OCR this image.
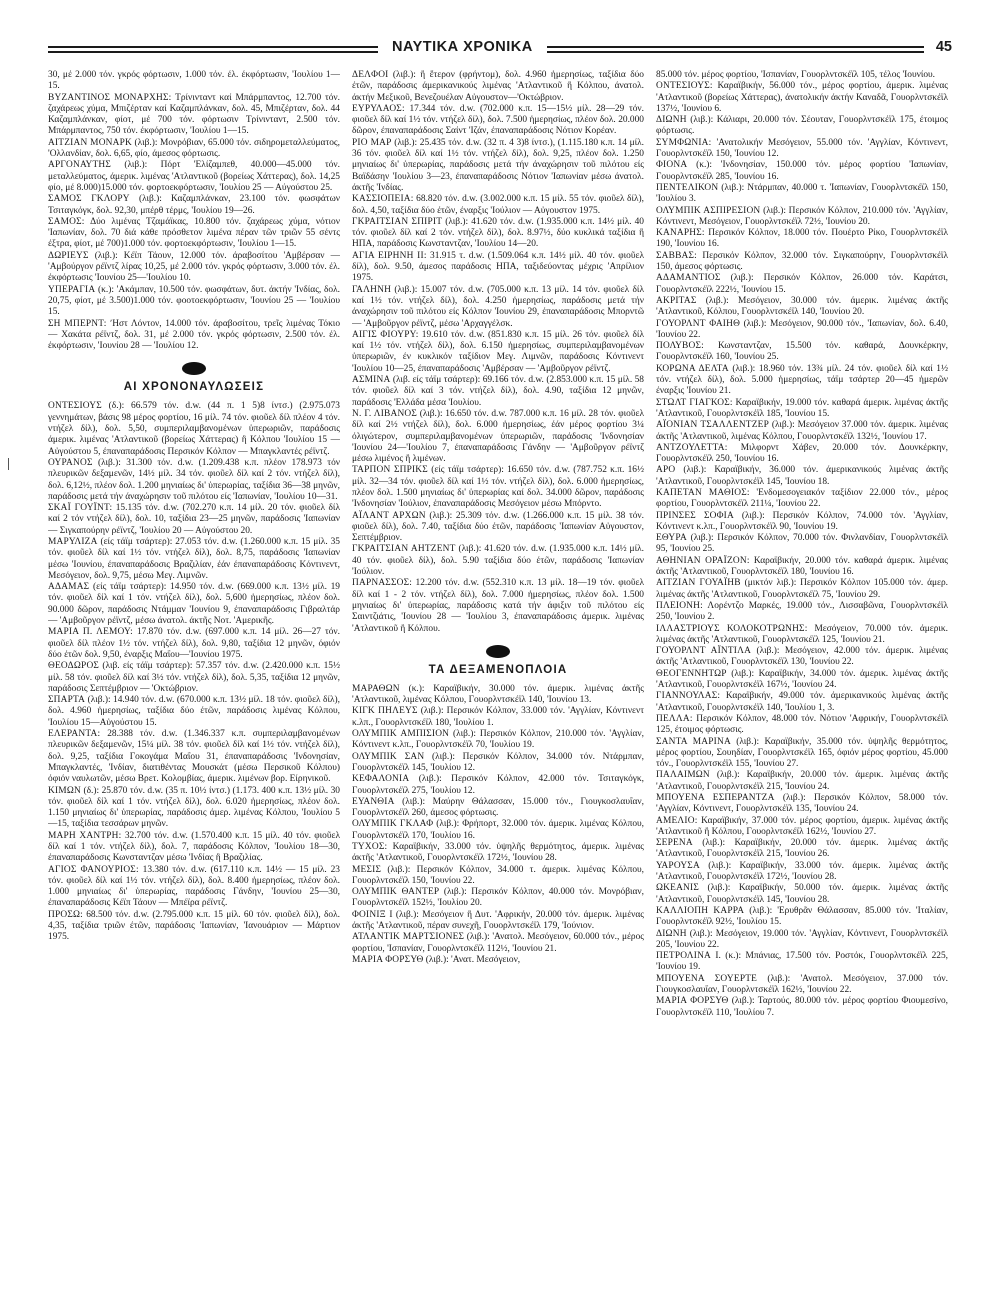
ΝΑΥΤΙΚΑ ΧΡΟΝΙΚΑ	45

30, μέ 2.000 τόν. γκρός φόρτωσιν, 1.000 τόν. έλ. έκφόρτωσιν, 'Ιουλίου 1—15.

ΒΥΖΑΝΤΙΝΟΣ ΜΟΝΑΡΧΗΣ: Τρίνινταντ καί Μπάρμπαντος, 12.700 τόν. ζαχάρεως χύμα, Μπιζέρταν καί Καζαμπλάνκαν, δολ. 45, Μπιζέρταν, δολ. 44 Καζαμπλάνκαν, φίοτ, μέ 700 τόν. φόρτωσιν Τρίνινταντ, 2.500 τόν. Μπάρμπαντος, 750 τόν. έκφόρτωσιν, 'Ιουλίου 1—15.

ΑΙΤΖΙΑΝ ΜΟΝΑΡΚ (λιβ.): Μονρόβιαν, 65.000 τόν. σιδηρομεταλλεύματος, 'Ολλανδίαν, δολ. 6,65, φίο, άμεσος φόρτωσις.

ΑΡΓΟΝΑΥΤΗΣ (λιβ.): Πόρτ 'Ελίζαμπεθ, 40.000—45.000 τόν. μεταλλεύματος, άμερικ. λιμένας 'Ατλαντικοῦ (βορείως Χάττερας), δολ. 14,25 φίο, μέ 8.000)15.000 τόν. φορτοεκφόρτωσιν, 'Ιουλίου 25 — Αύγούστου 25.

ΣΑΜΟΣ ΓΚΛΟΡΥ (λιβ.): Καζαμπλάνκαν, 23.100 τόν. φωσφάτων Τσιταγκόγκ, δολ. 92,30, μπέρθ τέρμς, 'Ιουλίου 19—26.

ΣΑΜΟΣ: Δύο λιμένας Τζαμάϊκας, 10.800 τόν. ζαχάρεως χύμα, νότιον 'Ιαπωνίαν, δολ. 70 διά κάθε πρόσθετον λιμένα πέραν τῶν τριῶν 55 σέντς έξτρα, φίοτ, μέ 700)1.000 τόν. φορτοεκφόρτωσιν, 'Ιουλίου 1—15.

ΔΩΡΙΕΥΣ (λιβ.): Κέϊπ Τάουν, 12.000 τόν. άραβοσίτου 'Αμβέρσαν — 'Αμβούργον ρέϊντζ λίρας 10,25, μέ 2.000 τόν. γκρός φόρτωσιν, 3.000 τόν. έλ. έκφόρτωσις 'Ιουνίου 25—'Ιουλίου 10.

ΥΠΕΡΑΓΙΑ (κ.): 'Ακάμπαν, 10.500 τόν. φωσφάτων, δυτ. άκτήν 'Ινδίας, δολ. 20,75, φίοτ, μέ 3.500)1.000 τόν. φοοτοεκφόρτωσιν, 'Ιουνίου 25 — 'Ιουλίου 15.

ΣΗ ΜΠΕΡΝΤ: ʹΗστ Λόντον, 14.000 τόν. άραβοσίτου, τρεῖς λιμένας Τόκιο — Χακάτα ρέϊντζ, δολ. 31, μέ 2.000 τόν. γκρός φόρτωσιν, 2.500 τόν. έλ. έκφόρτωσιν, 'Ιουνίου 28 — 'Ιουλίου 12.

ΑΙ ΧΡΟΝΟΝΑΥΛΩΣΕΙΣ

ΟΝΤΕΣΙΟΥΣ (δ.): 66.579 τόν. d.w. (44 π. 1 5)8 ίντσ.) (2.975.073 γεννημάτων, βάσις 98 μέρος φορτίου, 16 μίλ. 74 τόν. φιοῦελ δίλ πλέον 4 τόν. ντήζελ δίλ), δολ. 5,50, συμπεριλαμβανομένων ὑπερωριῶν, παράδοσις άμερικ. λιμένας 'Ατλαντικοῦ (βορείως Χάττερας) ἢ Κόλπου 'Ιουλίου 15 — Αὐγούστου 5, έπαναπαράδοσις Περσικόν Κόλπον — Μπαγκλαντές ρέϊντζ.

ΟΥΡΑΝΟΣ (λιβ.): 31.300 τόν. d.w. (1.209.438 κ.π. πλέον 178.973 τόν πλευρικῶν δεξαμενῶν, 14½ μίλ. 34 τόν. φιοῦελ δίλ καί 2 τόν. ντήζελ δίλ), δολ. 6,12½, πλέον δολ. 1.200 μηνιαίως δι' ὑπερωρίας, ταξίδια 36—38 μηνῶν, παράδοσις μετά τήν άναχώρησιν τοῦ πιλότου είς 'Ιαπωνίαν, 'Ιουλίου 10—31.

ΣΚΑΪ ΓΟΥΪΝΤ: 15.135 τόν. d.w. (702.270 κ.π. 14 μίλ. 20 τόν. φιοῦελ δίλ καί 2 τόν ντήζελ δίλ), δολ. 10, ταξίδια 23—25 μηνῶν, παράδοσις 'Ιαπωνίαν — Σιγκαπούρην ρέϊντζ, 'Ιουλίου 20 — Αὐγούστου 20.

ΜΑΡΥΛΙΖΑ (είς τάϊμ τσάρτερ): 27.053 τόν. d.w. (1.260.000 κ.π. 15 μίλ. 35 τόν. φιοῦελ δίλ καί 1½ τόν. ντήζελ δίλ), δολ. 8,75, παράδοσις 'Ιαπωνίαν μέσω 'Ιουνίου, έπαναπαράδοσις Βραζιλίαν, έάν έπαναπαράδοσις Κόντινεντ, Μεσόγειον, δολ. 9,75, μέσω Μεγ. Λιμνῶν.

ΑΔΑΜΑΣ (είς τάϊμ τσάρτερ): 14.950 τόν. d.w. (669.000 κ.π. 13½ μίλ. 19 τόν. φιοῦελ δίλ καί 1 τόν. ντήζελ δίλ), δολ. 5,600 ἡμερησίως, πλέον δολ. 90.000 δῶρον, παράδοσις Ντάμμαν 'Ιουνίου 9, έπαναπαράδοσις Γιβραλτάρ — 'Αμβοῦργον ρέϊντζ, μέσω άνατολ. άκτῆς Νοτ. 'Αμερικῆς.

ΜΑΡΙΑ Π. ΛΕΜΟΥ: 17.870 τόν. d.w. (697.000 κ.π. 14 μίλ. 26—27 τόν. φιοῦελ δίλ πλέον 1½ τόν. ντήζελ δίλ), δολ. 9,80, ταξίδια 12 μηνῶν, όφιόν δύο έτῶν δολ. 9,50, έναρξις Μαΐου—'Ιουνίου 1975.

ΘΕΟΔΩΡΟΣ (λιβ. είς τάϊμ τσάρτερ): 57.357 τόν. d.w. (2.420.000 κ.π. 15½ μίλ. 58 τόν. φιοῦελ δίλ καί 3½ τόν. ντήζελ δίλ), δολ. 5,35, ταξίδια 12 μηνῶν, παράδοσις Σεπτέμβριον — 'Οκτώβριον.

ΣΠΑΡΤΑ (λιβ.): 14.940 τόν. d.w. (670.000 κ.π. 13½ μίλ. 18 τόν. φιοῦελ δίλ), δολ. 4.960 ἡμερησίως, ταξίδια δύο έτῶν, παράδοσις λιμένας Κόλπου, 'Ιουλίου 15—Αὐγούστου 15.

ΕΛΕΡΑΝΤΑ: 28.388 τόν. d.w. (1.346.337 κ.π. συμπεριλαμβανομένων πλευρικῶν δεξαμενῶν, 15¼ μίλ. 38 τόν. φιοῦελ δίλ καί 1½ τόν. ντήζελ δίλ), δολ. 9,25, ταξίδια Γοκογάμα Μαΐου 31, έπαναπαράδοσις 'Ινδονησίαν, Μπαγκλαντές, 'Ινδίαν, διατιθέντας Μουσκάτ (μέσω Περσικοῦ Κόλπου) όφιόν ναυλωτῶν, μέσω Βρετ. Κολομβίας, άμερικ. λιμένων βορ. Είρηνικοῦ.

ΚΙΜΩΝ (δ.): 25.870 τόν. d.w. (35 π. 10½ ίντσ.) (1.173. 400 κ.π. 13½ μίλ. 30 τόν. φιοῦελ δίλ καί 1 τόν. ντήζελ δίλ), δολ. 6.020 ἡμερησίως, πλέον δολ. 1.150 μηνιαίως δι' ὑπερωρίας, παράδοσις άμερ. λιμένας Κόλπου, 'Ιουλίου 5—15, ταξίδια τεσσάρων μηνῶν.

ΜΑΡΗ ΧΑΝΤΡΗ: 32.700 τόν. d.w. (1.570.400 κ.π. 15 μίλ. 40 τόν. φιοῦελ δίλ καί 1 τόν. ντήζελ δίλ), δολ. 7, παράδοσις Κόλπον, 'Ιουλίου 18—30, έπαναπαράδοσις Κωνσταντζαν μέσω 'Ινδίας ἢ Βραζιλίας.

ΑΓΙΟΣ ΦΑΝΟΥΡΙΟΣ: 13.380 τόν. d.w. (617.110 κ.π. 14½ — 15 μίλ. 23 τόν. φιοῦελ δίλ καί 1½ τόν. ντήζελ δίλ), δολ. 8.400 ἡμερησίως, πλέον δολ. 1.000 μηνιαίως δι' ὑπερωρίας, παράδοσις Γάνδην, 'Ιουνίου 25—30, έπαναπαράδοσις Κέϊπ Τάουν — Μπέϊρα ρέϊντζ.

ΠΡΟΣΩ: 68.500 τόν. d.w. (2.795.000 κ.π. 15 μίλ. 60 τόν. φιοῦελ δίλ), δολ. 4,35, ταξίδια τριῶν έτῶν, παράδοσις 'Ιαπωνίαν, 'Ιανουάριον — Μάρτιον 1975.

ΔΕΛΦΟΙ (λιβ.): ἢ ἕτερον (φρήντομ), δολ. 4.960 ἡμερησίως, ταξίδια δύο έτῶν, παράδοσις άμερικανικούς λιμένας 'Ατλαντικοῦ ἢ Κόλπου, άνατολ. άκτήν Μεξικοῦ, Βενεζουέλαν Αὐγουστον—'Οκτώβριον.

ΕΥΡΥΛΑΟΣ: 17.344 τόν. d.w. (702.000 κ.π. 15—15½ μίλ. 28—29 τόν. φιοῦελ δίλ καί 1½ τόν. ντήζελ δίλ), δολ. 7.500 ἡμερησίως, πλέον δολ. 20.000 δῶρον, έπαναπαράδοσις Σαίντ 'Ιζάν, έπαναπαράδοσις Νότιον Κορέαν.

ΡΙΟ ΜΑΡ (λιβ.): 25.435 τόν. d.w. (32 π. 4 3)8 ίντσ.), (1.115.180 κ.π. 14 μίλ. 36 τόν. φιοῦελ δίλ καί 1½ τόν. ντήζελ δίλ), δολ. 9,25, πλέον δολ. 1.250 μηνιαίως δι' ὑπερωρίας, παράδοσις μετά τήν άναχώρησιν τοῦ πιλότου είς Βαϊδάσην 'Ιουλίου 3—23, έπαναπαράδοσις Νότιον 'Ιαπωνίαν μέσω άνατολ. άκτῆς 'Ινδίας.

ΚΑΣΣΙΟΠΕΙΑ: 68.820 τόν. d.w. (3.002.000 κ.π. 15 μίλ. 55 τόν. φιοῦελ δίλ), δολ. 4,50, ταξίδια δύο έτῶν, έναρξις 'Ιούλιον — Αὐγουστον 1975.

ΓΚΡΑΙΤΣΙΑΝ ΣΠΙΡΙΤ (λιβ.): 41.620 τόν. d.w. (1.935.000 κ.π. 14½ μίλ. 40 τόν. φιοῦελ δίλ καί 2 τόν. ντήζελ δίλ), δολ. 8.97½, δύο κυκλικά ταξίδια ἢ ΗΠΑ, παράδοσις Κωνσταντζαν, 'Ιουλίου 14—20.

ΑΓΙΑ ΕΙΡΗΝΗ ΙΙ: 31.915 τ. d.w. (1.509.064 κ.π. 14½ μίλ. 40 τόν. φιοῦελ δίλ), δολ. 9.50, άμεσος παράδοσις ΗΠΑ, ταξιδεύοντας μέχρις 'Απρίλιον 1975.

ΓΑΛΗΝΗ (λιβ.): 15.007 τόν. d.w. (705.000 κ.π. 13 μίλ. 14 τόν. φιοῦελ δίλ καί 1½ τόν. ντήζελ δίλ), δολ. 4.250 ἡμερησίως, παράδοσις μετά τήν άναχώρησιν τοῦ πιλότου είς Κόλπον 'Ιουνίου 29, έπαναπαράδοσις Μπορντῶ — 'Αμβοῦργον ρέϊντζ, μέσω 'Αρχαγγέλσκ.

ΑΙΓΙΣ ΦΙΟΥΡΥ: 19.610 τόν. d.w. (851.830 κ.π. 15 μίλ. 26 τόν. φιοῦελ δίλ καί 1½ τόν. ντήζελ δίλ), δολ. 6.150 ἡμερησίως, συμπεριλαμβανομένων ὑπερωριῶν, έν κυκλικόν ταξίδιον Μεγ. Λιμνῶν, παράδοσις Κόντινεντ 'Ιουλίου 10—25, έπαναπαράδοσις 'Αμβέρσαν — 'Αμβοῦργον ρέϊντζ.

ΑΣΜΙΝΑ (λιβ. είς τάϊμ τσάρτερ): 69.166 τόν. d.w. (2.853.000 κ.π. 15 μίλ. 58 τόν. φιοῦελ δίλ καί 3 τόν. ντήζελ δίλ), δολ. 4.90, ταξίδια 12 μηνῶν, παράδοσις 'Ελλάδα μέσα 'Ιουλίου.

Ν. Γ. ΛΙΒΑΝΟΣ (λιβ.): 16.650 τόν. d.w. 787.000 κ.π. 16 μίλ. 28 τόν. φιοῦελ δίλ καί 2½ ντήζελ δίλ), δολ. 6.000 ἡμερησίως, έάν μέρος φορτίου 3¼ όλιγώτερον, συμπεριλαμβανομένων ὑπερωριῶν, παράδοσις 'Ινδονησίαν 'Ιουνίου 24—'Ιουλίου 7, έπαναπαράδοσις Γάνδην — 'Αμβοῦργον ρέϊντζ μέσω λιμένος ἢ λιμένων.

ΤΑΡΠΟΝ ΣΠΡΙΚΣ (είς τάϊμ τσάρτερ): 16.650 τόν. d.w. (787.752 κ.π. 16½ μίλ. 32—34 τόν. φιοῦελ δίλ καί 1½ τόν. ντήζελ δίλ), δολ. 6.000 ἡμερησίως, πλέον δολ. 1.500 μηνιαίως δι' ὑπερωρίας καί δολ. 34.000 δῶρον, παράδοσις 'Ινδονησίαν 'Ιούλιον, έπαναπαράδοσις Μεσόγειον μέσω Μπόρντο.

ΑΪΛΑΝΤ ΑΡΧΩΝ (λιβ.): 25.309 τόν. d.w. (1.266.000 κ.π. 15 μίλ. 38 τόν. φιοῦελ δίλ), δολ. 7.40, ταξίδια δύο έτῶν, παράδοσις 'Ιαπωνίαν Αὐγουστον, Σεπτέμβριον.

ΓΚΡΑΙΤΣΙΑΝ ΑΗΤΖΕΝΤ (λιβ.): 41.620 τόν. d.w. (1.935.000 κ.π. 14½ μίλ. 40 τόν. φιοῦελ δίλ), δολ. 5.90 ταξίδια δύο έτῶν, παράδοσις 'Ιαπωνίαν 'Ιούλιον.

ΠΑΡΝΑΣΣΟΣ: 12.200 τόν. d.w. (552.310 κ.π. 13 μίλ. 18—19 τόν. φιοῦελ δίλ καί 1 - 2 τόν. ντήζελ δίλ), δολ. 7.000 ἡμερησίως, πλέον δολ. 1.500 μηνιαίως δι' ὑπερωρίας, παράδοσις κατά τήν άφιξιν τοῦ πιλότου είς Σαιντζιάτις, 'Ιουνίου 28 — 'Ιουλίου 3, έπαναπαράδοσις άμερικ. λιμένας 'Ατλαντικοῦ ἢ Κόλπου.

ΤΑ ΔΕΞΑΜΕΝΟΠΛΟΙΑ

ΜΑΡΑΘΩΝ (κ.): Καραϊβικήν, 30.000 τόν. άμερικ. λιμένας άκτῆς 'Ατλαντικοῦ, λιμένας Κόλπου, Γουορλντσκέϊλ 140, 'Ιουνίου 13.

ΚΙΓΚ ΠΗΛΕΥΣ (λιβ.): Περσικόν Κόλπον, 33.000 τόν. 'Αγγλίαν, Κόντινεντ κ.λπ., Γουορλντσκέϊλ 180, 'Ιουλίου 1.

ΟΛΥΜΠΙΚ ΑΜΠΙΣΙΟΝ (λιβ.): Περσικόν Κόλπον, 210.000 τόν. 'Αγγλίαν, Κόντινεντ κ.λπ., Γουορλντσκέϊλ 70, 'Ιουλίου 19.

ΟΛΥΜΠΙΚ ΣΑΝ (λιβ.): Περσικόν Κόλπον, 34.000 τόν. Ντάρμπαν, Γουορλντσκέϊλ 145, 'Ιουλίου 12.

ΚΕΦΑΛΟΝΙΑ (λιβ.): Περσικόν Κόλπον, 42.000 τόν. Τσιταγκόγκ, Γουορλντσκέϊλ 275, 'Ιουλίου 12.

ΕΥΑΝΘΙΑ (λιβ.): Μαύρην Θάλασσαν, 15.000 τόν., Γιουγκοσλαυΐαν, Γουορλντσκέϊλ 260, άμεσος φόρτωσις.

ΟΛΥΜΠΙΚ ΓΚΛΑΦ (λιβ.): Φρήπορτ, 32.000 τόν. άμερικ. λιμένας Κόλπου, Γουορλντσκέϊλ 170, 'Ιουλίου 16.

ΤΥΧΟΣ: Καραϊβικήν, 33.000 τόν. ὑψηλῆς θερμότητος, άμερικ. λιμένας άκτῆς 'Ατλαντικοῦ, Γουορλντσκέϊλ 172½, 'Ιουνίου 28.

ΜΕΣΙΣ (λιβ.): Περσικόν Κόλπον, 34.000 τ. άμερικ. λιμένας Κόλπου, Γουορλντσκέϊλ 150, 'Ιουνίου 22.

ΟΛΥΜΠΙΚ ΘΑΝΤΕΡ (λιβ.): Περσικόν Κόλπον, 40.000 τόν. Μονρόβιαν, Γουορλντσκέϊλ 152½, 'Ιουλίου 20.

ΦΟΙΝΙΞ Ι (λιβ.): Μεσόγειον ἢ Δυτ. 'Αφρικήν, 20.000 τόν. άμερικ. λιμένας άκτῆς 'Ατλαντικοῦ, πέραν συνεχῆ, Γουορλντσκέϊλ 179, 'Ιούνιον.

ΑΤΛΑΝΤΙΚ ΜΑΡΤΣΙΟΝΕΣ (λιβ.): 'Ανατολ. Μεσόγειον, 60.000 τόν., μέρος φορτίου, 'Ισπανίαν, Γουορλντσκέϊλ 112½, 'Ιουνίου 21.

ΜΑΡΙΑ ΦΟΡΣΥΘ (λιβ.): 'Ανατ. Μεσόγειον,

85.000 τόν. μέρος φορτίου, 'Ισπανίαν, Γουορλντσκέϊλ 105, τέλος 'Ιουνίου.

ΟΝΤΕΣΙΟΥΣ: Καραϊβικήν, 56.000 τόν., μέρος φορτίου, άμερικ. λιμένας 'Ατλαντικοῦ (βορείως Χάττερας), άνατολικήν άκτήν Καναδᾶ, Γουορλντσκέϊλ 137½, 'Ιουνίου 6.

ΔΙΩΝΗ (λιβ.): Κάλιαρι, 20.000 τόν. Σέουταν, Γουορλντσκέϊλ 175, έτοιμος φόρτωσις.

ΣΥΜΦΩΝΙΑ: 'Ανατολικήν Μεσόγειον, 55.000 τόν. 'Αγγλίαν, Κόντινεντ, Γουορλντσκέϊλ 150, 'Ιουνίου 12.

ΦΙΟΝΑ (κ.): 'Ινδονησίαν, 150.000 τόν. μέρος φορτίου 'Ιαπωνίαν, Γουορλντσκέϊλ 285, 'Ιουνίου 16.

ΠΕΝΤΕΛΙΚΟΝ (λιβ.): Ντάρμπαν, 40.000 τ. 'Ιαπωνίαν, Γουορλντσκέϊλ 150, 'Ιουλίου 3.

ΟΛΥΜΠΙΚ ΑΣΠΙΡΕΣΙΟΝ (λιβ.): Περσικόν Κόλπον, 210.000 τόν. 'Αγγλίαν, Κόντινεντ, Μεσόγειον, Γουορλντσκέϊλ 72½, 'Ιουνίου 20.

ΚΑΝΑΡΗΣ: Περσικόν Κόλπον, 18.000 τόν. Πουέρτο Ρίκο, Γουορλντσκέϊλ 190, 'Ιουνίου 16.

ΣΑΒΒΑΣ: Περσικόν Κόλπον, 32.000 τόν. Σιγκαπούρην, Γουορλντσκέϊλ 150, άμεσος φόρτωσις.

ΑΔΑΜΑΝΤΙΟΣ (λιβ.): Περσικόν Κόλπον, 26.000 τόν. Καράτσι, Γουορλντσκέϊλ 222½, 'Ιουνίου 15.

ΑΚΡΙΤΑΣ (λιβ.): Μεσόγειον, 30.000 τόν. άμερικ. λιμένας άκτῆς 'Ατλαντικοῦ, Κόλπου, Γουορλντσκέϊλ 140, 'Ιουνίου 20.

ΓΟΥΟΡΛΝΤ ΦΑΙΗΘ (λιβ.): Μεσόγειον, 90.000 τόν., 'Ιαπωνίαν, δολ. 6.40, 'Ιουνίου 22.

ΠΟΛΥΒΟΣ: Κωνσταντζαν, 15.500 τόν. καθαρά, Δουνκέρκην, Γουορλντσκέϊλ 160, 'Ιουνίου 25.

ΚΟΡΩΝΑ ΔΕΛΤΑ (λιβ.): 18.960 τόν. 13¾ μίλ. 24 τόν. φιοῦελ δίλ καί 1½ τόν. ντήζελ δίλ), δολ. 5.000 ἡμερησίως, τάϊμ τσάρτερ 20—45 ἡμερῶν έναρξις 'Ιουνίου 21.

ΣΤΩΛΤ ΓΙΑΓΚΟΣ: Καραϊβικήν, 19.000 τόν. καθαρά άμερικ. λιμένας άκτῆς 'Ατλαντικοῦ, Γουορλντσκέϊλ 185, 'Ιουνίου 15.

ΑΪΟΝΙΑΝ ΤΣΑΛΛΕΝΤΖΕΡ (λιβ.): Μεσόγειον 37.000 τόν. άμερικ. λιμένας άκτῆς 'Ατλαντικοῦ, λιμένας Κόλπου, Γουορλντσκέϊλ 132½, 'Ιουνίου 17.

ΑΝΤΖΟΥΛΕΤΤΑ: Μιλφορντ Χάβεν, 20.000 τόν. Δουνκέρκην, Γουορλντσκέϊλ 250, 'Ιουνίου 16.

ΑΡΟ (λιβ.): Καραϊβικήν, 36.000 τόν. άμερικανικούς λιμένας άκτῆς 'Ατλαντικοῦ, Γουορλντσκέϊλ 145, 'Ιουνίου 18.

ΚΑΠΕΤΑΝ ΜΑΘΙΟΣ: 'Ενδομεσογειακόν ταξίδιον 22.000 τόν., μέρος φορτίου, Γουορλντσκέϊλ 211¼, 'Ιουνίου 22.

ΠΡΙΝΣΕΣ ΣΟΦΙΑ (λιβ.): Περσικόν Κόλπον, 74.000 τόν. 'Αγγλίαν, Κόντινεντ κ.λπ., Γουορλντσκέϊλ 90, 'Ιουνίου 19.

ΕΘΥΡΑ (λιβ.): Περσικόν Κόλπον, 70.000 τόν. Φινλανδίαν, Γουορλντσκέϊλ 95, 'Ιουνίου 25.

ΑΘΗΝΙΑΝ ΟΡΑΪΖΟΝ: Καραϊβικήν, 20.000 τόν. καθαρά άμερικ. λιμένας άκτῆς 'Ατλαντικοῦ, Γουορλντσκέϊλ 180, 'Ιουνίου 16.

ΑΙΤΖΙΑΝ ΓΟΥΑΪΗΒ (μικτόν λιβ.): Περσικόν Κόλπον 105.000 τόν. άμερ. λιμένας άκτῆς 'Ατλαντικοῦ, Γουορλντσκέϊλ 75, 'Ιουνίου 29.

ΠΛΕΙΟΝΗ: Λορέντζο Μαρκές, 19.000 τόν., Λισσαβῶνα, Γουορλντσκέϊλ 250, 'Ιουνίου 2.

ΙΛΛΑΣΤΡΙΟΥΣ ΚΟΛΟΚΟΤΡΩΝΗΣ: Μεσόγειον, 70.000 τόν. άμερικ. λιμένας άκτῆς 'Ατλαντικοῦ, Γουορλντσκέϊλ 125, 'Ιουνίου 21.

ΓΟΥΟΡΛΝΤ ΑΪΝΤΙΛΑ (λιβ.): Μεσόγειον, 42.000 τόν. άμερικ. λιμένας άκτῆς 'Ατλαντικοῦ, Γουορλντσκέϊλ 130, 'Ιουνίου 22.

ΘΕΟΓΕΝΝΗΤΩΡ (λιβ.): Καραϊβικήν, 34.000 τόν. άμερικ. λιμένας άκτῆς 'Ατλαντικοῦ, Γουορλντσκέϊλ 167½, 'Ιουνίου 24.

ΓΙΑΝΝΟΥΛΑΣ: Καραϊβικήν, 49.000 τόν. άμερικανικούς λιμένας άκτῆς 'Ατλαντικοῦ, Γουορλντσκέϊλ 140, 'Ιουλίου 1, 3.

ΠΕΛΛΑ: Περσικόν Κόλπον, 48.000 τόν. Νότιον 'Αφρικήν, Γουορλντσκέϊλ 125, έτοιμος φόρτωσις.

ΣΑΝΤΑ ΜΑΡΙΝΑ (λιβ.): Καραϊβικήν, 35.000 τόν. ὑψηλῆς θερμότητος, μέρος φορτίου, Σουηδίαν, Γουορλντσκέϊλ 165, όφιόν μέρος φορτίου, 45.000 τόν., Γουορλντσκέϊλ 155, 'Ιουνίου 27.

ΠΑΛΑΙΜΩΝ (λιβ.): Καραϊβικήν, 20.000 τόν. άμερικ. λιμένας άκτῆς 'Ατλαντικοῦ, Γουορλντσκέϊλ 215, 'Ιουνίου 24.

ΜΠΟΥΕΝΑ ΕΣΠΕΡΑΝΤΖΑ (λιβ.): Περσικόν Κόλπον, 58.000 τόν. 'Αγγλίαν, Κόντινεντ, Γουορλντσκέϊλ 135, 'Ιουνίου 24.

ΑΜΕΛΙΟ: Καραϊβικήν, 37.000 τόν. μέρος φορτίου, άμερικ. λιμένας άκτῆς 'Ατλαντικοῦ ἢ Κόλπου, Γουορλντσκέϊλ 162½, 'Ιουνίου 27.

ΣΕΡΕΝΑ (λιβ.): Καραϊβικήν, 20.000 τόν. άμερικ. λιμένας άκτῆς 'Ατλαντικοῦ, Γουορλντσκέϊλ 215, 'Ιουνίου 26.

ΥΑΡΟΥΣΑ (λιβ.): Καραϊβικήν, 33.000 τόν. άμερικ. λιμένας άκτῆς 'Ατλαντικοῦ, Γουορλντσκέϊλ 172½, 'Ιουνίου 28.

ΩΚΕΑΝΙΣ (λιβ.): Καραϊβικήν, 50.000 τόν. άμερικ. λιμένας άκτῆς 'Ατλαντικοῦ, Γουορλντσκέϊλ 145, 'Ιουνίου 28.

ΚΑΛΛΙΟΠΗ ΚΑΡΡΑ (λιβ.): 'Ερυθρᾶν Θάλασσαν, 85.000 τόν. 'Ιταλίαν, Γουορλντσκέϊλ 92½, 'Ιουλίου 15.

ΔΙΩΝΗ (λιβ.): Μεσόγειον, 19.000 τόν. 'Αγγλίαν, Κόντινεντ, Γουορλντσκέϊλ 205, 'Ιουνίου 22.

ΠΕΤΡΟΛΙΝΑ Ι. (κ.): Μπάνιας, 17.500 τόν. Ροστόκ, Γουορλντσκέϊλ 225, 'Ιουνίου 19.

ΜΠΟΥΕΝΑ ΣΟΥΕΡΤΕ (λιβ.): 'Ανατολ. Μεσόγειον, 37.000 τόν. Γιουγκοσλαυΐαν, Γουορλντσκέϊλ 162½, 'Ιουνίου 22.

ΜΑΡΙΑ ΦΟΡΣΥΘ (λιβ.): Ταρτούς, 80.000 τόν. μέρος φορτίου Φιουμεσίνο, Γουορλντσκέϊλ 110, 'Ιουλίου 7.
